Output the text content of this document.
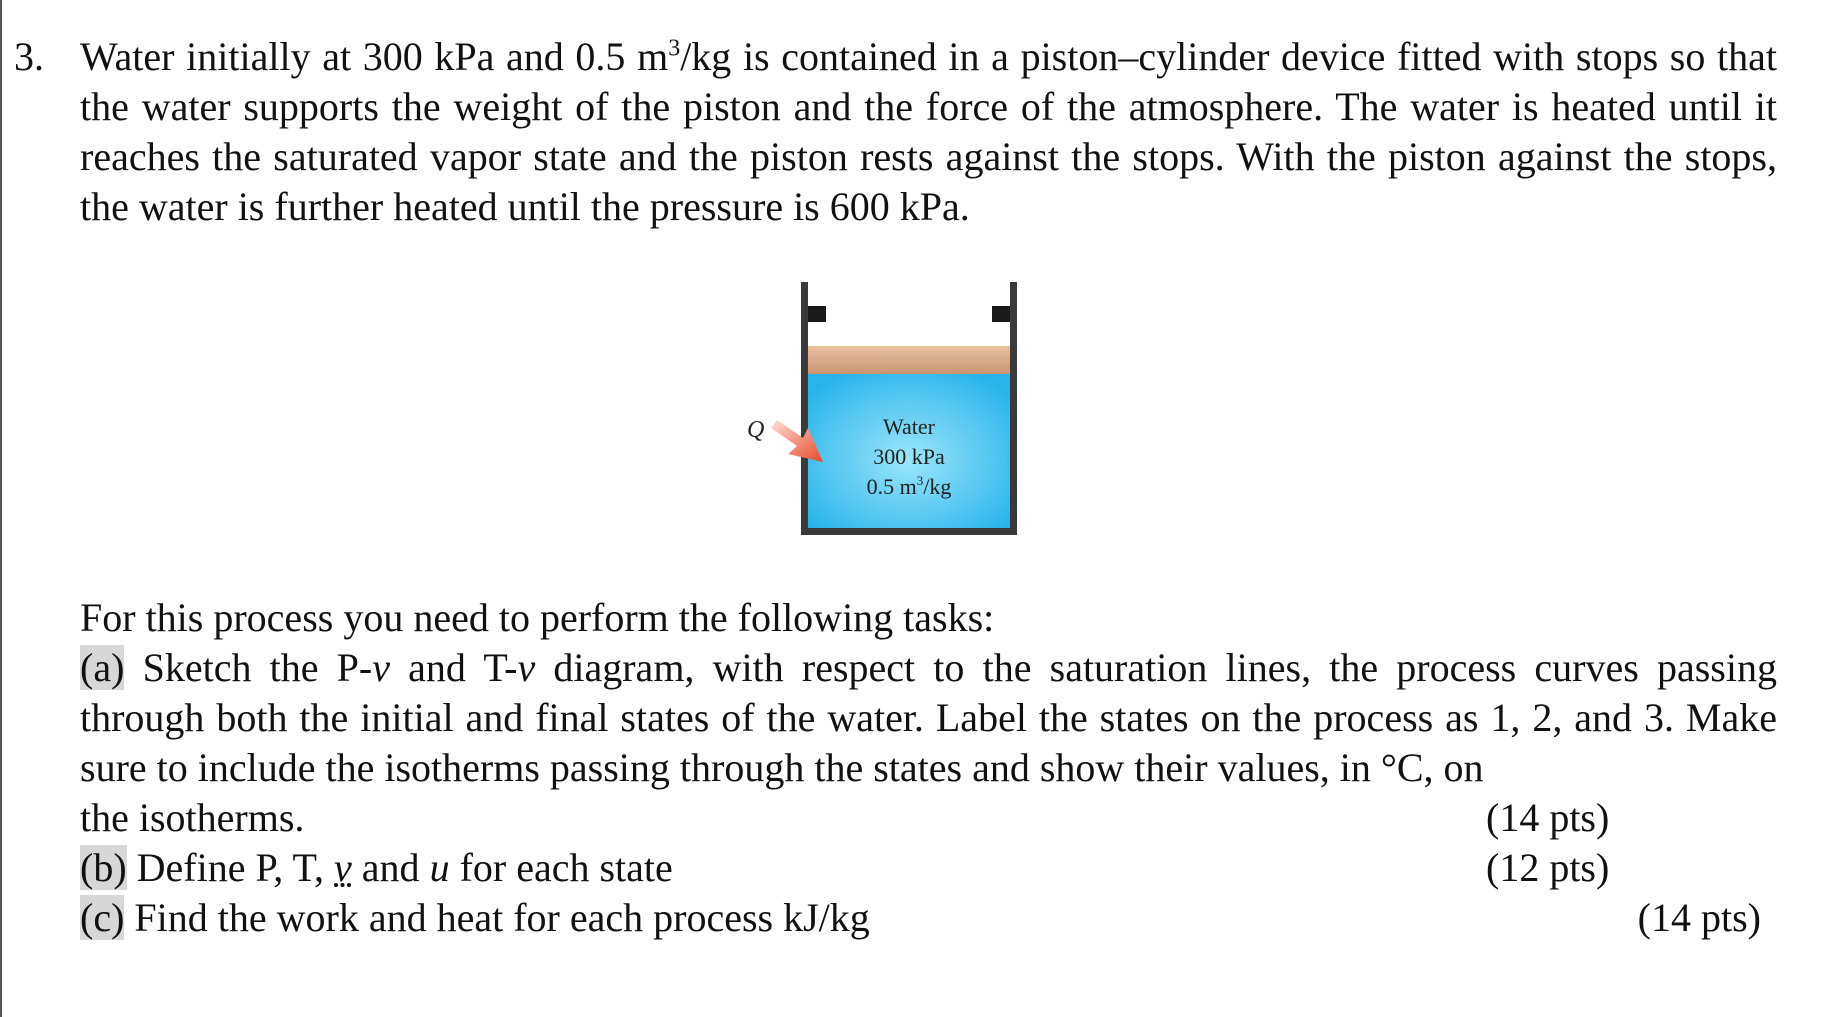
3. Water initially at 300 kPa and 0.5 $m^3/kg$ is contained in a piston–cylinder device fitted with stops so that the water supports the weight of the piston and the force of the atmosphere. The water is heated until it reaches the saturated vapor state and the piston rests against the stops. With the piston against the stops, the water is further heated until the pressure is 600 kPa.
Q	Water
300 kPa
0.5 $m^3/kg$
For this process you need to perform the following tasks:
(a) Sketch the P-v and T-v diagram, with respect to the saturation lines, the process curves passing through both the initial and final states of the water. Label the states on the process as 1, 2, and 3. Make sure to include the isotherms passing through the states and show their values, in °C, on
the isotherms.	(14 pts)
(b) Define P, T, v and u for each state	(12 pts)
(c) Find the work and heat for each process kJ/kg	(14 pts)
